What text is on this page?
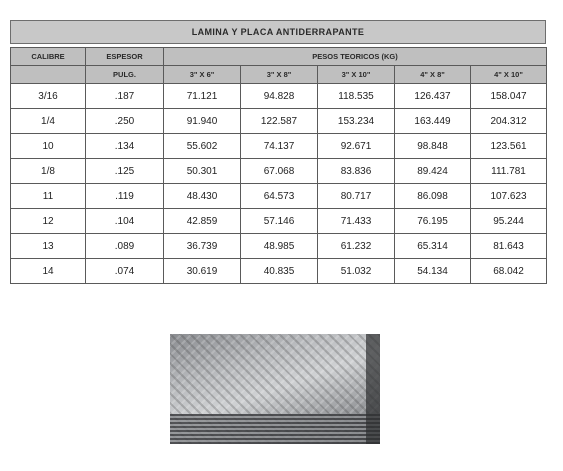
LAMINA Y PLACA ANTIDERRAPANTE
CALIBRE	ESPESOR	PESOS TEORICOS (KG)				
	PULG.	3" X 6"	3" X 8"	3" X 10"	4" X 8"	4" X 10"
3/16	.187	71.121	94.828	118.535	126.437	158.047
1/4	.250	91.940	122.587	153.234	163.449	204.312
10	.134	55.602	74.137	92.671	98.848	123.561
1/8	.125	50.301	67.068	83.836	89.424	111.781
11	.119	48.430	64.573	80.717	86.098	107.623
12	.104	42.859	57.146	71.433	76.195	95.244
13	.089	36.739	48.985	61.232	65.314	81.643
14	.074	30.619	40.835	51.032	54.134	68.042
